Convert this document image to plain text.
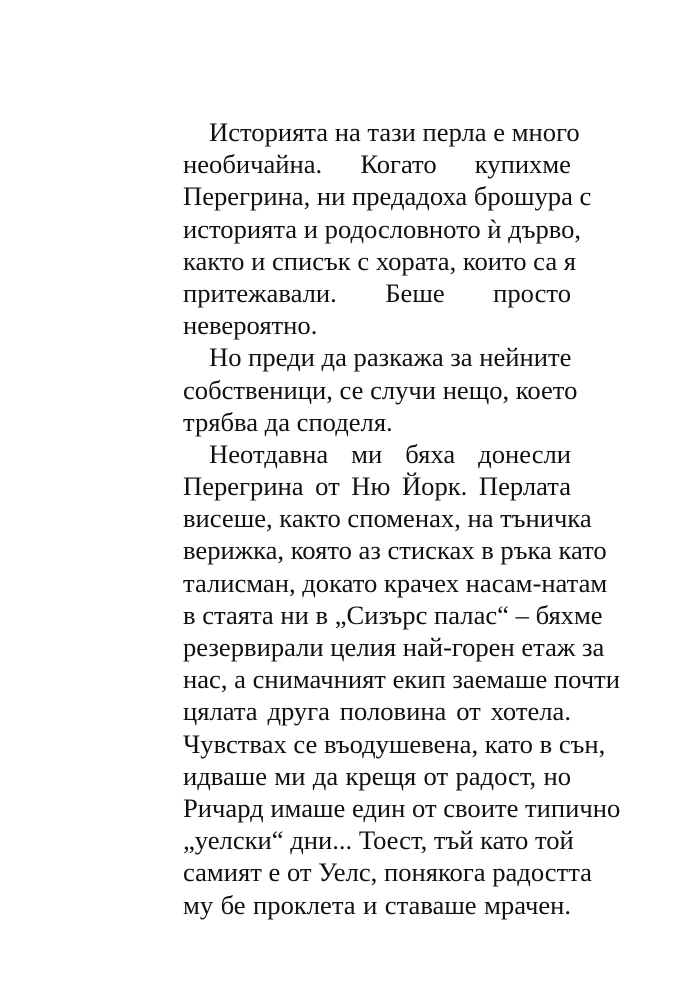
Историята на тази перла е много
необичайна. Когато купихме
Перегрина, ни предадоха брошура с
историята и родословното ѝ дърво,
както и списък с хората, които са я
притежавали. Беше просто
невероятно.
Но преди да разкажа за нейните
собственици, се случи нещо, което
трябва да споделя.
Неотдавна ми бяха донесли
Перегрина от Ню Йорк. Перлата
висеше, както споменах, на тъничка
верижка, която аз стисках в ръка като
талисман, докато крачех насам-натам
в стаята ни в „Сизърс палас“ – бяхме
резервирали целия най-горен етаж за
нас, а снимачният екип заемаше почти
цялата друга половина от хотела.
Чувствах се въодушевена, като в сън,
идваше ми да крещя от радост, но
Ричард имаше един от своите типично
„уелски“ дни... Тоест, тъй като той
самият е от Уелс, понякога радостта
му бе проклета и ставаше мрачен.
